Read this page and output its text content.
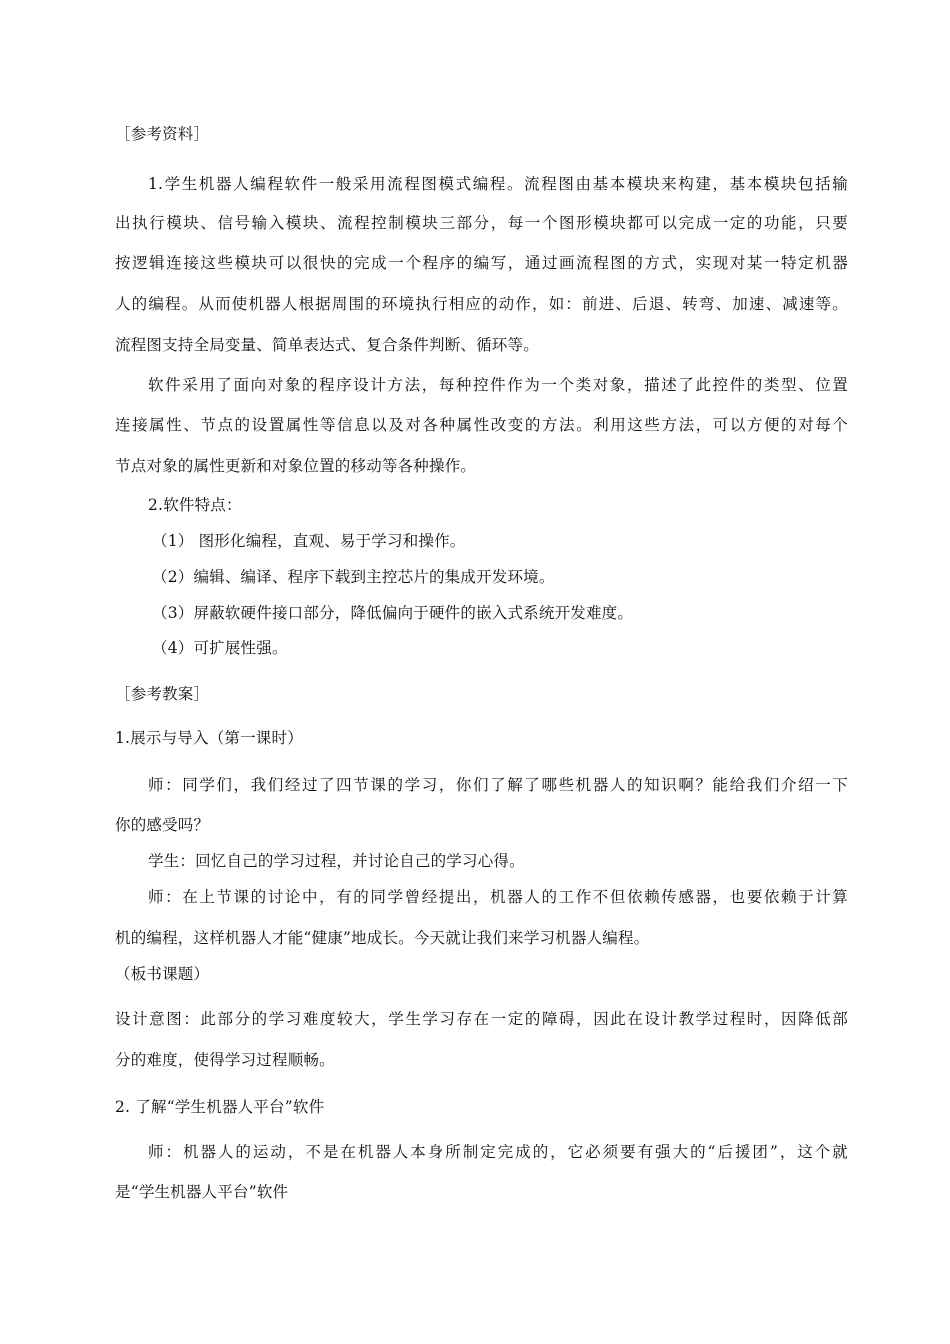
［参考资料］
1.学生机器人编程软件一般采用流程图模式编程。流程图由基本模块来构建，基本模块包括输
出执行模块、信号输入模块、流程控制模块三部分，每一个图形模块都可以完成一定的功能，只要
按逻辑连接这些模块可以很快的完成一个程序的编写，通过画流程图的方式，实现对某一特定机器
人的编程。从而使机器人根据周围的环境执行相应的动作，如：前进、后退、转弯、加速、减速等。
流程图支持全局变量、简单表达式、复合条件判断、循环等。
软件采用了面向对象的程序设计方法，每种控件作为一个类对象，描述了此控件的类型、位置
连接属性、节点的设置属性等信息以及对各种属性改变的方法。利用这些方法，可以方便的对每个
节点对象的属性更新和对象位置的移动等各种操作。
2.软件特点：
（1） 图形化编程，直观、易于学习和操作。
（2）编辑、编译、程序下载到主控芯片的集成开发环境。
（3）屏蔽软硬件接口部分，降低偏向于硬件的嵌入式系统开发难度。
（4）可扩展性强。
［参考教案］
1.展示与导入（第一课时）
师：同学们，我们经过了四节课的学习，你们了解了哪些机器人的知识啊？能给我们介绍一下
你的感受吗？
学生：回忆自己的学习过程，并讨论自己的学习心得。
师：在上节课的讨论中，有的同学曾经提出，机器人的工作不但依赖传感器，也要依赖于计算
机的编程，这样机器人才能“健康”地成长。今天就让我们来学习机器人编程。
（板书课题）
设计意图：此部分的学习难度较大，学生学习存在一定的障碍，因此在设计教学过程时，因降低部
分的难度，使得学习过程顺畅。
2. 了解“学生机器人平台”软件
师：机器人的运动，不是在机器人本身所制定完成的，它必须要有强大的“后援团”，这个就
是“学生机器人平台”软件
